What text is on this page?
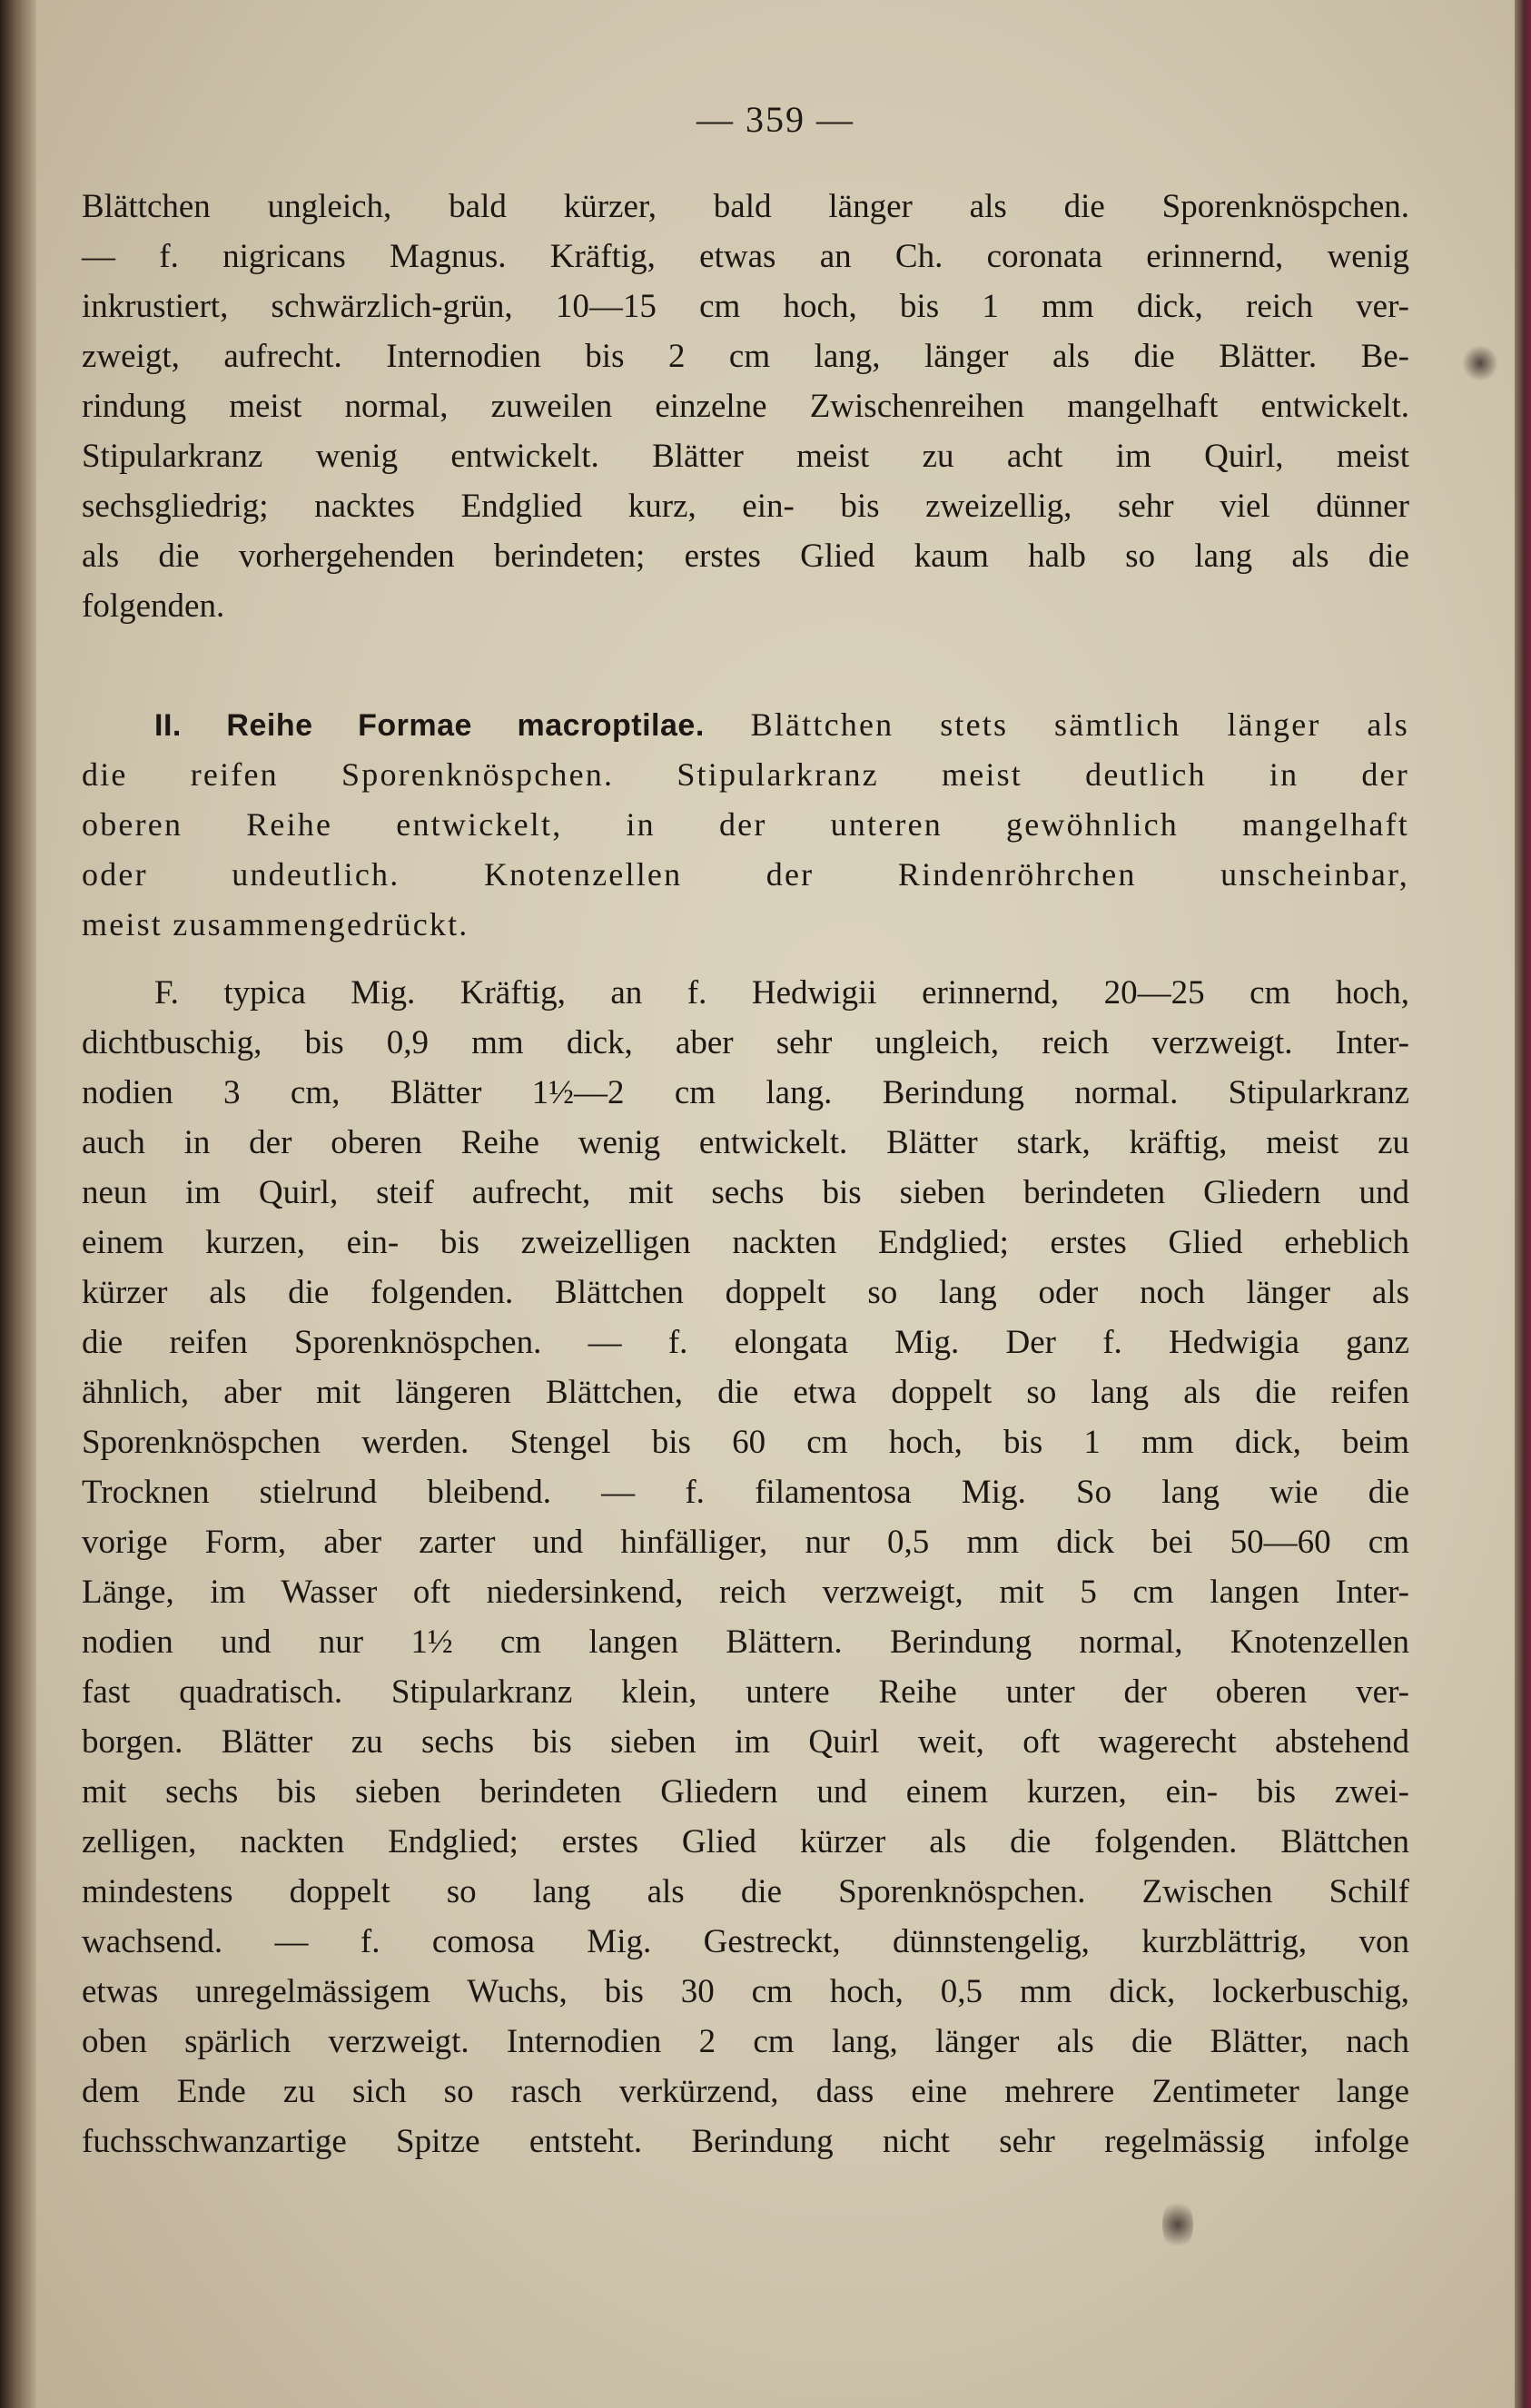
— 359 —
Blättchen ungleich, bald kürzer, bald länger als die Sporenknöspchen.
— f. nigricans Magnus. Kräftig, etwas an Ch. coronata erinnernd, wenig
inkrustiert, schwärzlich-grün, 10—15 cm hoch, bis 1 mm dick, reich ver-
zweigt, aufrecht. Internodien bis 2 cm lang, länger als die Blätter. Be-
rindung meist normal, zuweilen einzelne Zwischenreihen mangelhaft entwickelt.
Stipularkranz wenig entwickelt. Blätter meist zu acht im Quirl, meist
sechsgliedrig; nacktes Endglied kurz, ein- bis zweizellig, sehr viel dünner
als die vorhergehenden berindeten; erstes Glied kaum halb so lang als die
folgenden.
II. Reihe Formae macroptilae. Blättchen stets sämtlich länger als
die reifen Sporenknöspchen. Stipularkranz meist deutlich in der
oberen Reihe entwickelt, in der unteren gewöhnlich mangelhaft
oder undeutlich. Knotenzellen der Rindenröhrchen unscheinbar,
meist zusammengedrückt.
F. typica Mig. Kräftig, an f. Hedwigii erinnernd, 20—25 cm hoch,
dichtbuschig, bis 0,9 mm dick, aber sehr ungleich, reich verzweigt. Inter-
nodien 3 cm, Blätter 1½—2 cm lang. Berindung normal. Stipularkranz
auch in der oberen Reihe wenig entwickelt. Blätter stark, kräftig, meist zu
neun im Quirl, steif aufrecht, mit sechs bis sieben berindeten Gliedern und
einem kurzen, ein- bis zweizelligen nackten Endglied; erstes Glied erheblich
kürzer als die folgenden. Blättchen doppelt so lang oder noch länger als
die reifen Sporenknöspchen. — f. elongata Mig. Der f. Hedwigia ganz
ähnlich, aber mit längeren Blättchen, die etwa doppelt so lang als die reifen
Sporenknöspchen werden. Stengel bis 60 cm hoch, bis 1 mm dick, beim
Trocknen stielrund bleibend. — f. filamentosa Mig. So lang wie die
vorige Form, aber zarter und hinfälliger, nur 0,5 mm dick bei 50—60 cm
Länge, im Wasser oft niedersinkend, reich verzweigt, mit 5 cm langen Inter-
nodien und nur 1½ cm langen Blättern. Berindung normal, Knotenzellen
fast quadratisch. Stipularkranz klein, untere Reihe unter der oberen ver-
borgen. Blätter zu sechs bis sieben im Quirl weit, oft wagerecht abstehend
mit sechs bis sieben berindeten Gliedern und einem kurzen, ein- bis zwei-
zelligen, nackten Endglied; erstes Glied kürzer als die folgenden. Blättchen
mindestens doppelt so lang als die Sporenknöspchen. Zwischen Schilf
wachsend. — f. comosa Mig. Gestreckt, dünnstengelig, kurzblättrig, von
etwas unregelmässigem Wuchs, bis 30 cm hoch, 0,5 mm dick, lockerbuschig,
oben spärlich verzweigt. Internodien 2 cm lang, länger als die Blätter, nach
dem Ende zu sich so rasch verkürzend, dass eine mehrere Zentimeter lange
fuchsschwanzartige Spitze entsteht. Berindung nicht sehr regelmässig infolge
